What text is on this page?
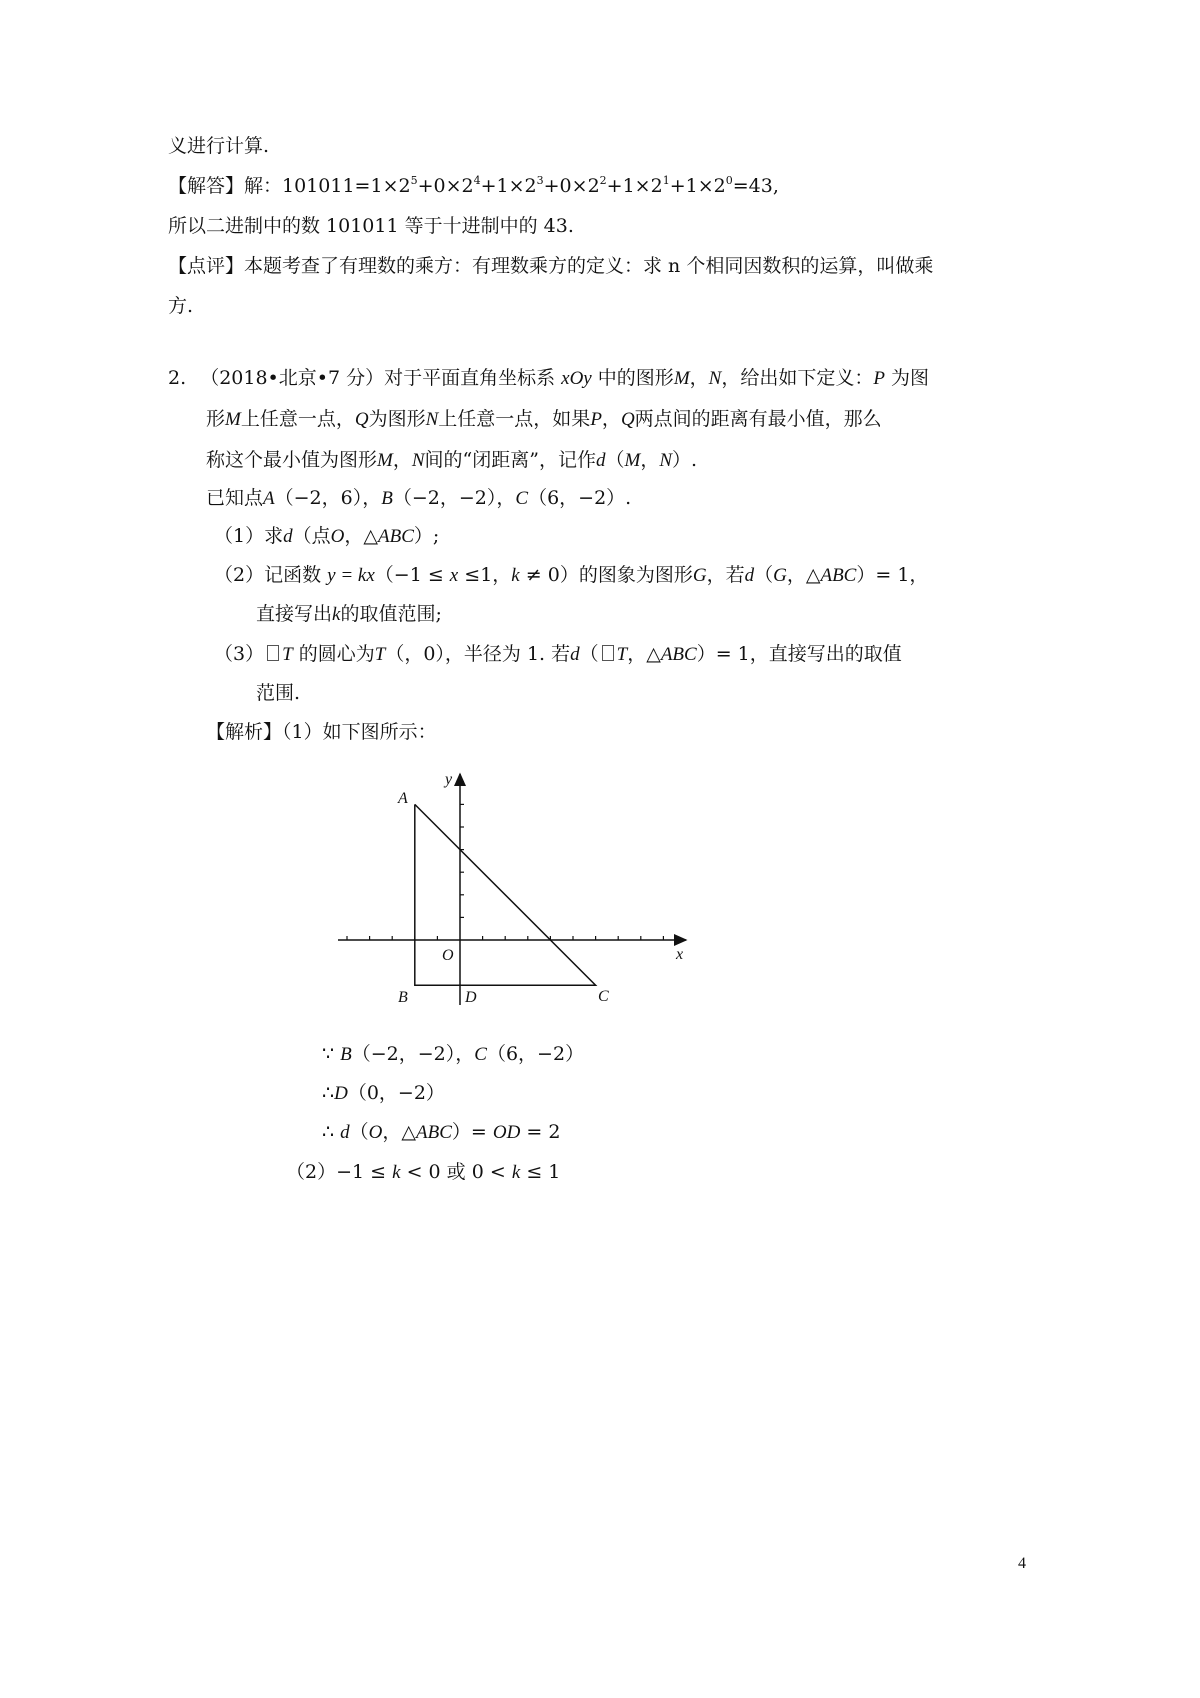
义进行计算.
【解答】解：$101011=1\times 2^5+0\times 2^4+1\times 2^3+0\times 2^2+1\times 2^1+1\times 2^0=43$,
所以二进制中的数 101011 等于十进制中的 43.
【点评】本题考查了有理数的乘方：有理数乘方的定义：求 n 个相同因数积的运算，叫做乘
方.
2. （2018•北京•7 分）对于平面直角坐标系 xOy 中的图形M，N，给出如下定义：P 为图
形M上任意一点，Q为图形N上任意一点，如果P，Q两点间的距离有最小值，那么
称这个最小值为图形M，N间的“闭距离”，记作d（M，N）.
已知点A（−2，6），B（−2，−2），C（6，−2）.
（1）求d（点O，△ABC）;
（2）记函数 y = kx（−1 ≤ x ≤1，k ≠ 0）的图象为图形G，若d（G，△ABC）= 1，
直接写出k的取值范围;
（3） T 的圆心为T（，0），半径为 1. 若d（ T，△ABC）= 1，直接写出的取值
范围.
【解析】（1）如下图所示：
y
A
O	x
B	D	C
∵ B（−2，−2），C（6，−2）
∴D（0，−2）
∴ d（O，△ABC）= OD = 2
（2）−1 ≤ k < 0 或 0 < k ≤ 1
4
